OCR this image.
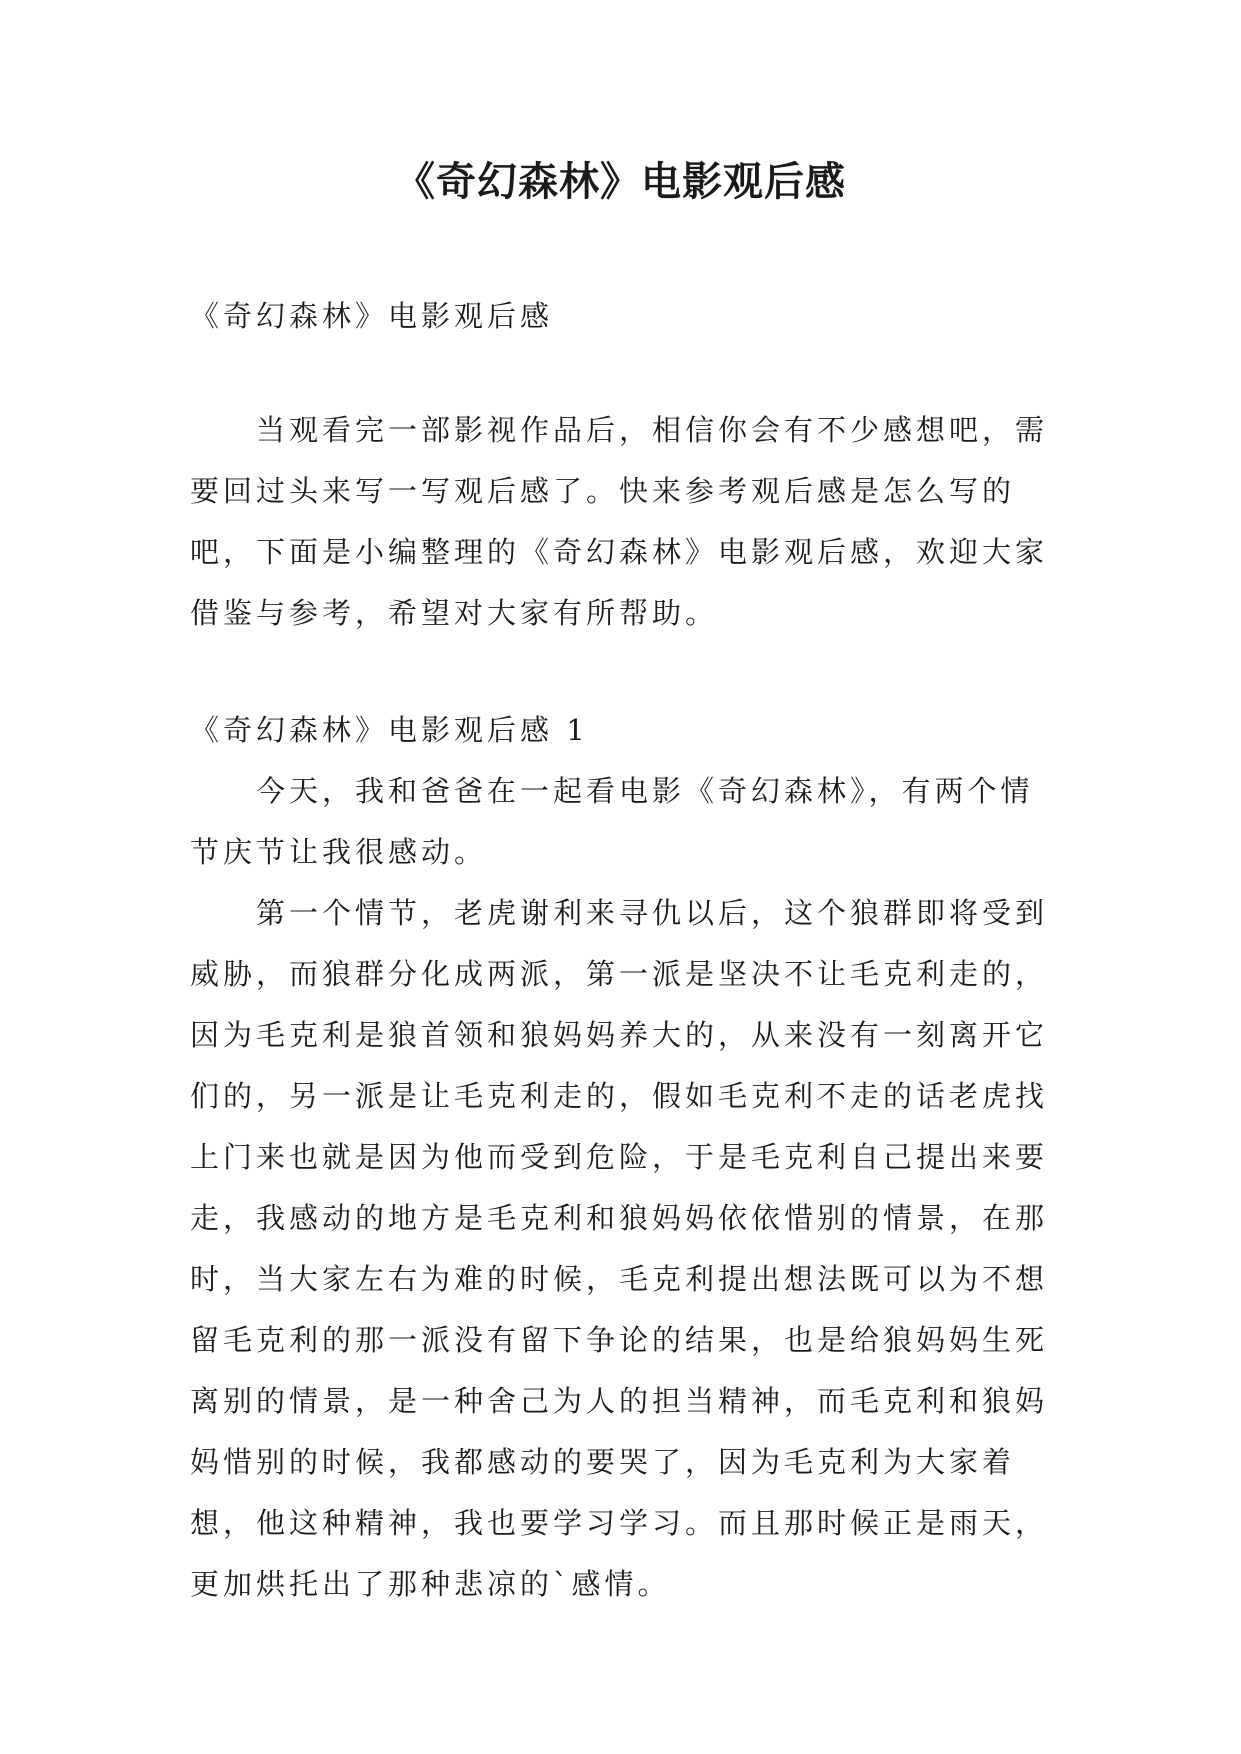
《奇幻森林》电影观后感

《奇幻森林》电影观后感

当观看完一部影视作品后，相信你会有不少感想吧，需要回过头来写一写观后感了。快来参考观后感是怎么写的吧，下面是小编整理的《奇幻森林》电影观后感，欢迎大家借鉴与参考，希望对大家有所帮助。

《奇幻森林》电影观后感 1

今天，我和爸爸在一起看电影《奇幻森林》，有两个情节庆节让我很感动。

第一个情节，老虎谢利来寻仇以后，这个狼群即将受到威胁，而狼群分化成两派，第一派是坚决不让毛克利走的，因为毛克利是狼首领和狼妈妈养大的，从来没有一刻离开它们的，另一派是让毛克利走的，假如毛克利不走的话老虎找上门来也就是因为他而受到危险，于是毛克利自己提出来要走，我感动的地方是毛克利和狼妈妈依依惜别的情景，在那时，当大家左右为难的时候，毛克利提出想法既可以为不想留毛克利的那一派没有留下争论的结果，也是给狼妈妈生死离别的情景，是一种舍己为人的担当精神，而毛克利和狼妈妈惜别的时候，我都感动的要哭了，因为毛克利为大家着想，他这种精神，我也要学习学习。而且那时候正是雨天，更加烘托出了那种悲凉的`感情。
